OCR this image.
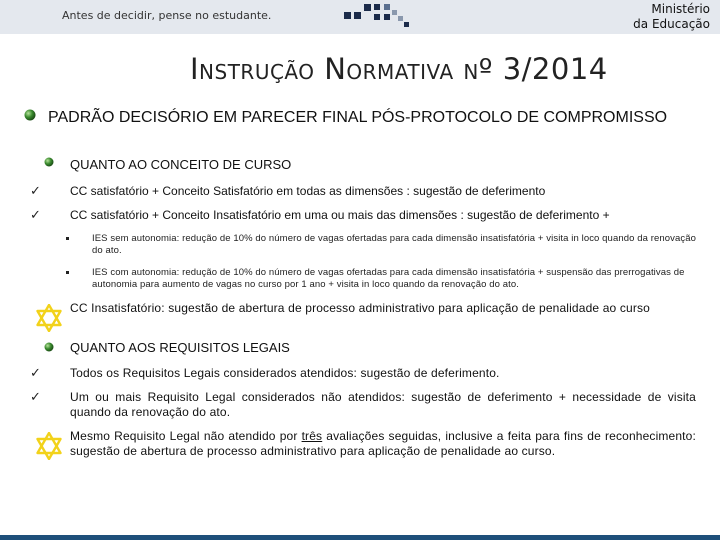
Antes de decidir, pense no estudante.	Ministério
da Educação
Instrução Normativa nº 3/2014
PADRÃO DECISÓRIO EM PARECER FINAL PÓS-PROTOCOLO DE COMPROMISSO
QUANTO AO CONCEITO DE CURSO
✓ CC satisfatório + Conceito Satisfatório em todas as dimensões : sugestão de deferimento
✓ CC satisfatório + Conceito Insatisfatório em uma ou mais das dimensões : sugestão de deferimento +
IES sem autonomia: redução de 10% do número de vagas ofertadas para cada dimensão insatisfatória + visita in loco quando da renovação do ato.
IES com autonomia: redução de 10% do número de vagas ofertadas para cada dimensão insatisfatória + suspensão das prerrogativas de autonomia para aumento de vagas no curso por 1 ano + visita in loco quando da renovação do ato.
CC Insatisfatório: sugestão de abertura de processo administrativo para aplicação de penalidade ao curso
QUANTO AOS REQUISITOS LEGAIS
✓ Todos os Requisitos Legais considerados atendidos: sugestão de deferimento.
✓ Um ou mais Requisito Legal considerados não atendidos: sugestão de deferimento + necessidade de visita quando da renovação do ato.
Mesmo Requisito Legal não atendido por três avaliações seguidas, inclusive a feita para fins de reconhecimento: sugestão de abertura de processo administrativo para aplicação de penalidade ao curso.
